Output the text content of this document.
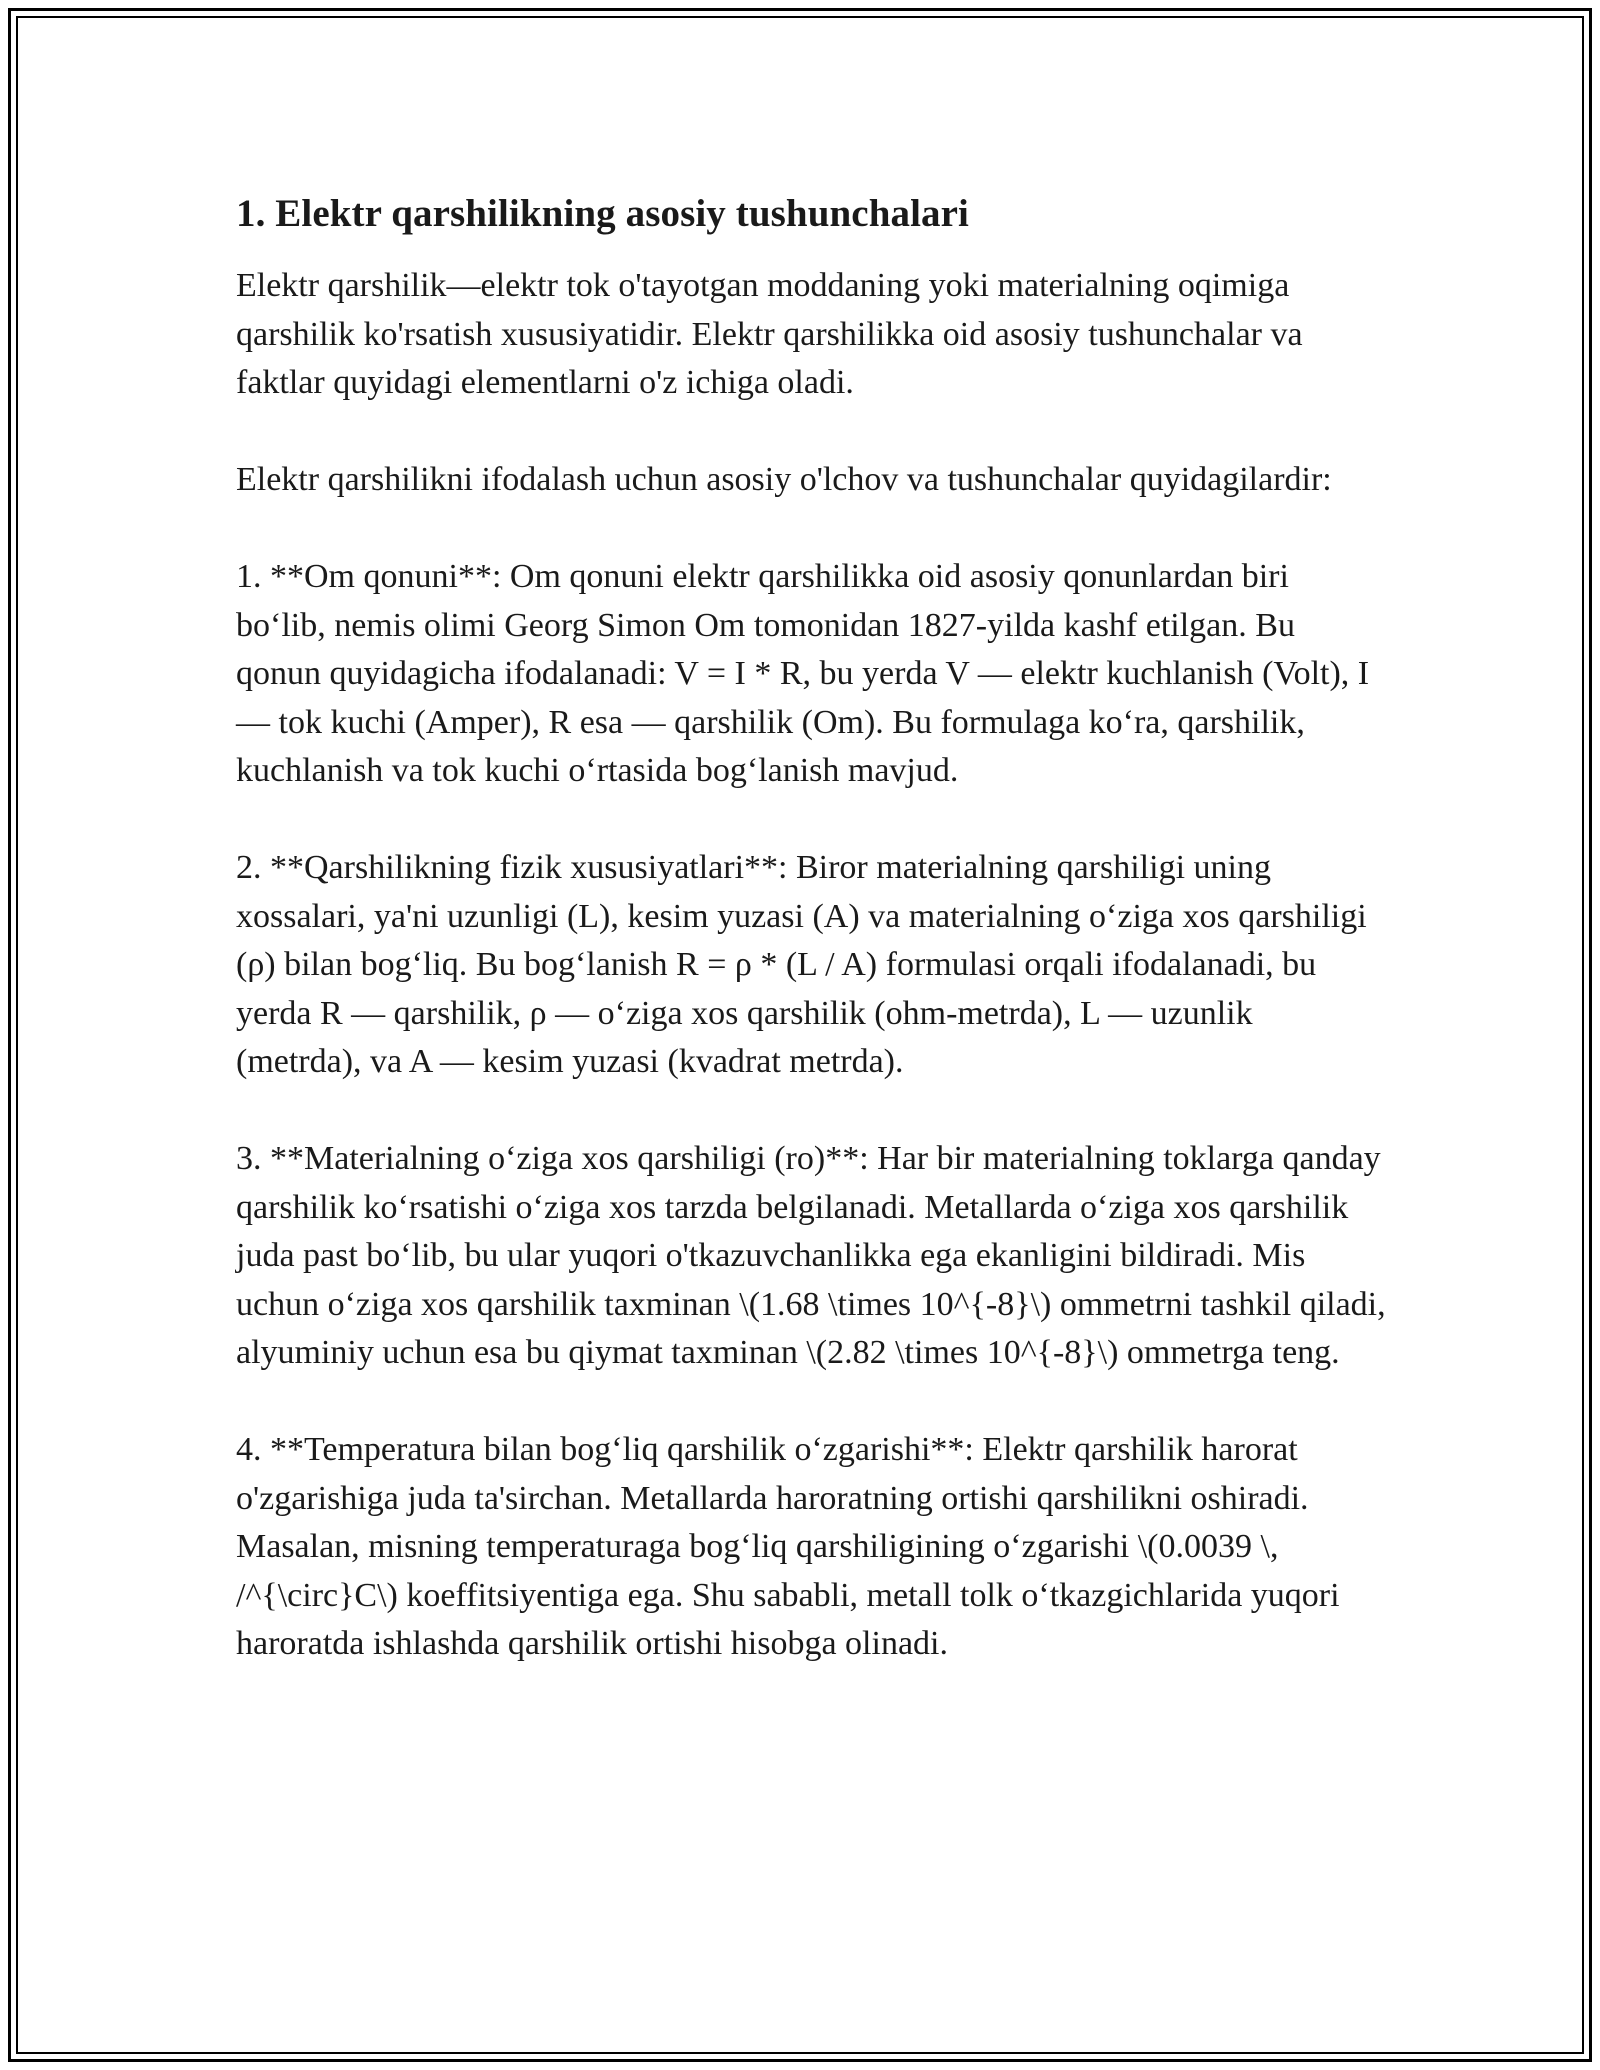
1. Elektr qarshilikning asosiy tushunchalari

Elektr qarshilik—elektr tok o'tayotgan moddaning yoki materialning oqimiga qarshilik ko'rsatish xususiyatidir. Elektr qarshilikka oid asosiy tushunchalar va faktlar quyidagi elementlarni o'z ichiga oladi.

Elektr qarshilikni ifodalash uchun asosiy o'lchov va tushunchalar quyidagilardir:

1. **Om qonuni**: Om qonuni elektr qarshilikka oid asosiy qonunlardan biri bo‘lib, nemis olimi Georg Simon Om tomonidan 1827-yilda kashf etilgan. Bu qonun quyidagicha ifodalanadi: V = I * R, bu yerda V — elektr kuchlanish (Volt), I — tok kuchi (Amper), R esa — qarshilik (Om). Bu formulaga ko‘ra, qarshilik, kuchlanish va tok kuchi o‘rtasida bog‘lanish mavjud.

2. **Qarshilikning fizik xususiyatlari**: Biror materialning qarshiligi uning xossalari, ya'ni uzunligi (L), kesim yuzasi (A) va materialning o‘ziga xos qarshiligi (ρ) bilan bog‘liq. Bu bog‘lanish R = ρ * (L / A) formulasi orqali ifodalanadi, bu yerda R — qarshilik, ρ — o‘ziga xos qarshilik (ohm-metrda), L — uzunlik (metrda), va A — kesim yuzasi (kvadrat metrda).

3. **Materialning o‘ziga xos qarshiligi (ro)**: Har bir materialning toklarga qanday qarshilik ko‘rsatishi o‘ziga xos tarzda belgilanadi. Metallarda o‘ziga xos qarshilik juda past bo‘lib, bu ular yuqori o'tkazuvchanlikka ega ekanligini bildiradi. Mis uchun o‘ziga xos qarshilik taxminan \(1.68 \times 10^{-8}\) ommetrni tashkil qiladi, alyuminiy uchun esa bu qiymat taxminan \(2.82 \times 10^{-8}\) ommetrga teng.

4. **Temperatura bilan bog‘liq qarshilik o‘zgarishi**: Elektr qarshilik harorat o'zgarishiga juda ta'sirchan. Metallarda haroratning ortishi qarshilikni oshiradi. Masalan, misning temperaturaga bog‘liq qarshiligining o‘zgarishi \(0.0039 \, /^{\circ}C\) koeffitsiyentiga ega. Shu sababli, metall tolk o‘tkazgichlarida yuqori haroratda ishlashda qarshilik ortishi hisobga olinadi.
